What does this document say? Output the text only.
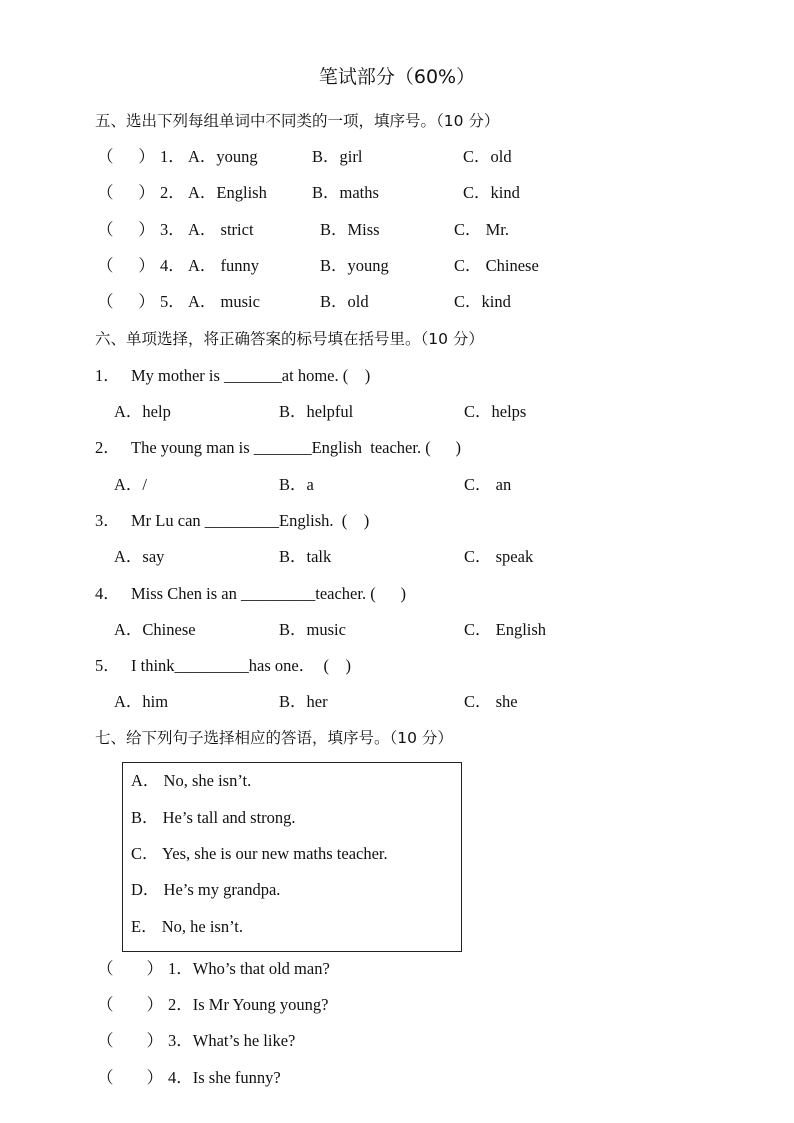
笔试部分（60%）
五、选出下列每组单词中不同类的一项，填序号。（10 分）
（      ） 1． A．young	B．girl	C．old
（      ） 2． A．English	B．maths	C．kind
（      ） 3． A． strict	B．Miss	C． Mr.
（      ） 4． A． funny	B．young	C． Chinese
（      ） 5． A． music	B．old	C．kind
六、单项选择，将正确答案的标号填在括号里。（10 分）
1． My mother is _______at home. (    )
A．help	B．helpful	C．helps
2． The young man is _______English  teacher. (      )
A．/	B．a	C． an
3． Mr Lu can _________English.  (    )
A．say	B．talk	C． speak
4． Miss Chen is an _________teacher. (      )
A．Chinese	B．music	C． English
5． I think_________has one．  (    )
A．him	B．her	C． she
七、给下列句子选择相应的答语，填序号。（10 分）
A． No, she isn’t.
B． He’s tall and strong.
C． Yes, she is our new maths teacher.
D． He’s my grandpa.
E． No, he isn’t.
（        ） 1．Who’s that old man?
（        ） 2．Is Mr Young young?
（        ） 3．What’s he like?
（        ） 4．Is she funny?
